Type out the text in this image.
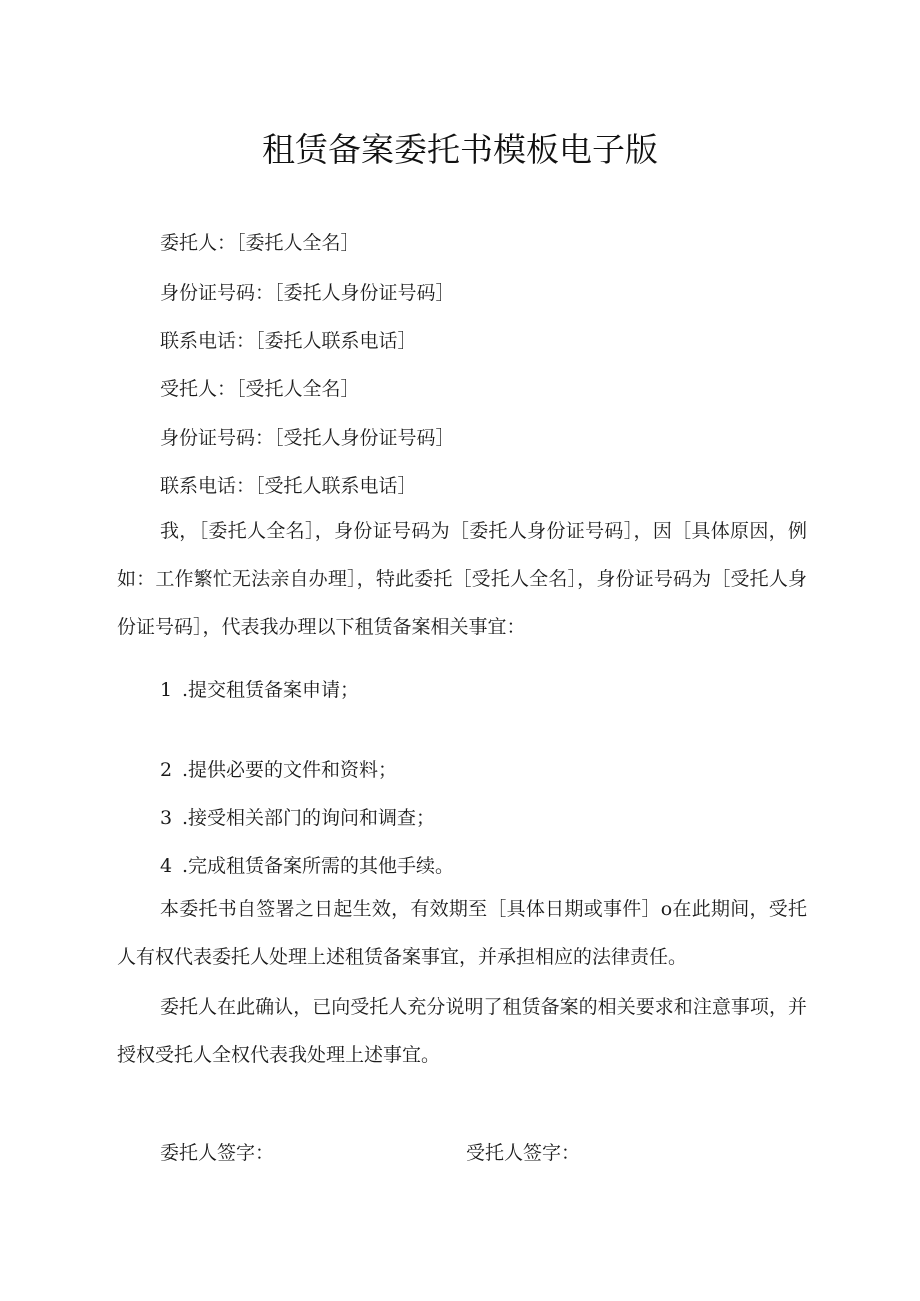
租赁备案委托书模板电子版
委托人：［委托人全名］
身份证号码：［委托人身份证号码］
联系电话：［委托人联系电话］
受托人：［受托人全名］
身份证号码：［受托人身份证号码］
联系电话：［受托人联系电话］
我，［委托人全名］，身份证号码为［委托人身份证号码］，因［具体原因，例如：工作繁忙无法亲自办理］，特此委托［受托人全名］，身份证号码为［受托人身份证号码］，代表我办理以下租赁备案相关事宜：
1 .提交租赁备案申请；
2 .提供必要的文件和资料；
3 .接受相关部门的询问和调查；
4 .完成租赁备案所需的其他手续。
本委托书自签署之日起生效，有效期至［具体日期或事件］o在此期间，受托人有权代表委托人处理上述租赁备案事宜，并承担相应的法律责任。
委托人在此确认，已向受托人充分说明了租赁备案的相关要求和注意事项，并授权受托人全权代表我处理上述事宜。
委托人签字：	受托人签字：
